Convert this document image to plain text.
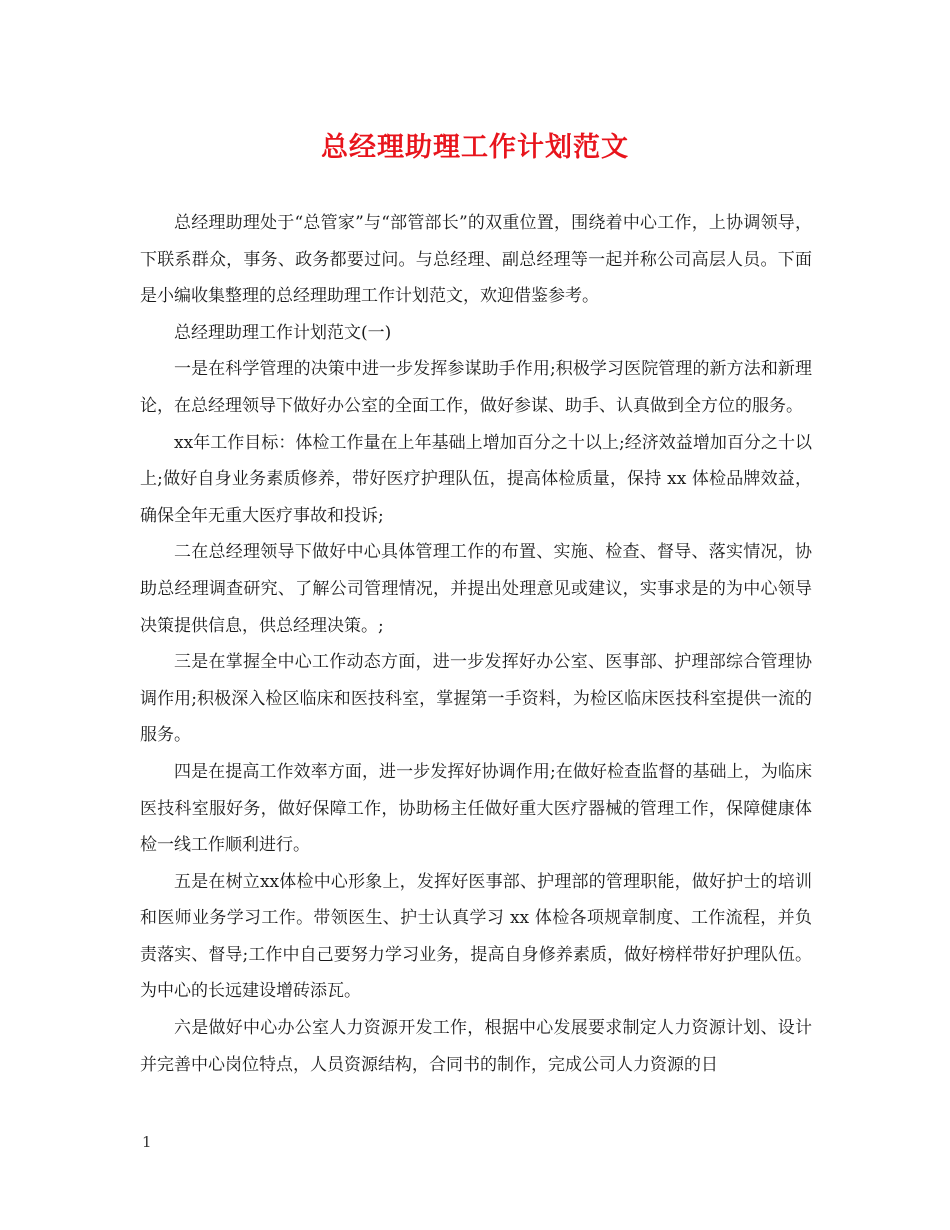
总经理助理工作计划范文

总经理助理处于“总管家”与“部管部长”的双重位置，围绕着中心工作，上协调领导，下联系群众，事务、政务都要过问。与总经理、副总经理等一起并称公司高层人员。下面是小编收集整理的总经理助理工作计划范文，欢迎借鉴参考。

总经理助理工作计划范文(一)

一是在科学管理的决策中进一步发挥参谋助手作用;积极学习医院管理的新方法和新理论，在总经理领导下做好办公室的全面工作，做好参谋、助手、认真做到全方位的服务。

xx年工作目标：体检工作量在上年基础上增加百分之十以上;经济效益增加百分之十以上;做好自身业务素质修养，带好医疗护理队伍，提高体检质量，保持 xx 体检品牌效益，确保全年无重大医疗事故和投诉;

二在总经理领导下做好中心具体管理工作的布置、实施、检查、督导、落实情况，协助总经理调查研究、了解公司管理情况，并提出处理意见或建议，实事求是的为中心领导决策提供信息，供总经理决策。;

三是在掌握全中心工作动态方面，进一步发挥好办公室、医事部、护理部综合管理协调作用;积极深入检区临床和医技科室，掌握第一手资料，为检区临床医技科室提供一流的服务。

四是在提高工作效率方面，进一步发挥好协调作用;在做好检查监督的基础上，为临床医技科室服好务，做好保障工作，协助杨主任做好重大医疗器械的管理工作，保障健康体检一线工作顺利进行。

五是在树立xx体检中心形象上，发挥好医事部、护理部的管理职能，做好护士的培训和医师业务学习工作。带领医生、护士认真学习 xx 体检各项规章制度、工作流程，并负责落实、督导;工作中自己要努力学习业务，提高自身修养素质，做好榜样带好护理队伍。为中心的长远建设增砖添瓦。

六是做好中心办公室人力资源开发工作，根据中心发展要求制定人力资源计划、设计并完善中心岗位特点，人员资源结构，合同书的制作，完成公司人力资源的日

1
